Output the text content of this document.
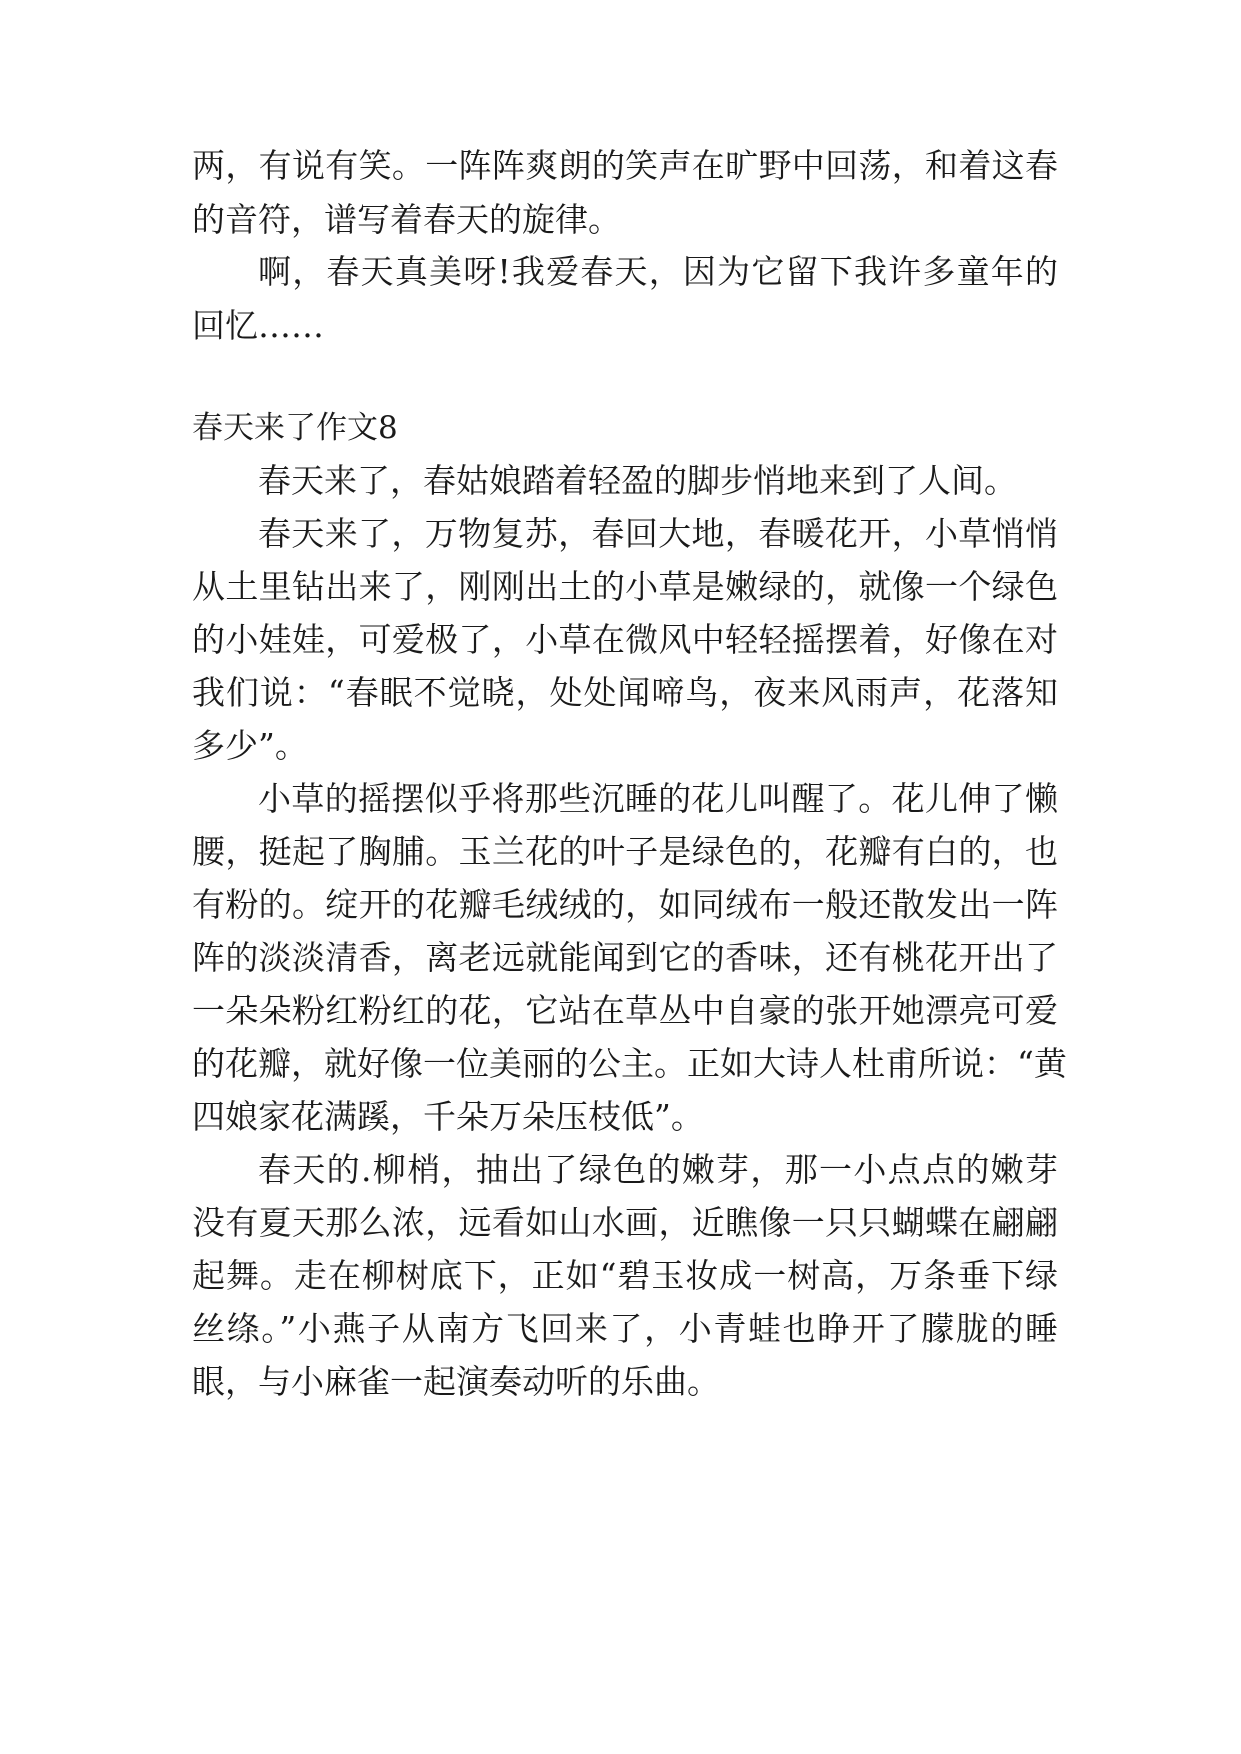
两，有说有笑。一阵阵爽朗的笑声在旷野中回荡，和着这春
的音符，谱写着春天的旋律。
啊，春天真美呀!我爱春天，因为它留下我许多童年的
回忆……
春天来了作文8
春天来了，春姑娘踏着轻盈的脚步悄地来到了人间。
春天来了，万物复苏，春回大地，春暖花开，小草悄悄
从土里钻出来了，刚刚出土的小草是嫩绿的，就像一个绿色
的小娃娃，可爱极了，小草在微风中轻轻摇摆着，好像在对
我们说：“春眠不觉晓，处处闻啼鸟，夜来风雨声，花落知
多少”。
小草的摇摆似乎将那些沉睡的花儿叫醒了。花儿伸了懒
腰，挺起了胸脯。玉兰花的叶子是绿色的，花瓣有白的，也
有粉的。绽开的花瓣毛绒绒的，如同绒布一般还散发出一阵
阵的淡淡清香，离老远就能闻到它的香味，还有桃花开出了
一朵朵粉红粉红的花，它站在草丛中自豪的张开她漂亮可爱
的花瓣，就好像一位美丽的公主。正如大诗人杜甫所说：“黄
四娘家花满蹊，千朵万朵压枝低”。
春天的.柳梢，抽出了绿色的嫩芽，那一小点点的嫩芽
没有夏天那么浓，远看如山水画，近瞧像一只只蝴蝶在翩翩
起舞。走在柳树底下，正如“碧玉妆成一树高，万条垂下绿
丝绦。”小燕子从南方飞回来了，小青蛙也睁开了朦胧的睡
眼，与小麻雀一起演奏动听的乐曲。
